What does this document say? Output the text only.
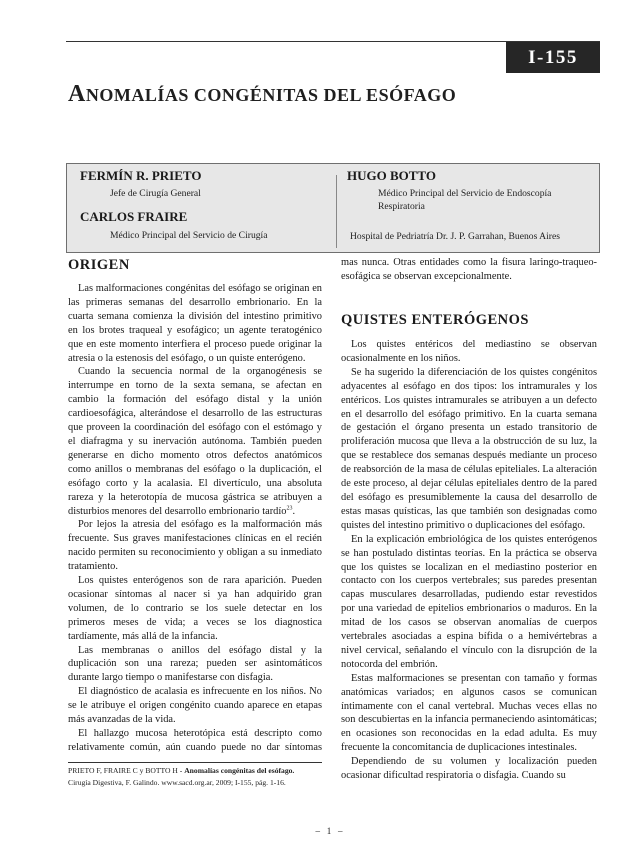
I-155
ANOMALÍAS CONGÉNITAS DEL ESÓFAGO
FERMÍN R. PRIETO
Jefe de Cirugía General
CARLOS FRAIRE
Médico Principal del Servicio de Cirugía
HUGO BOTTO
Médico Principal del Servicio de Endoscopía
Respiratoria
Hospital de Pedriatría Dr. J. P. Garrahan, Buenos Aires
ORIGEN

Las malformaciones congénitas del esófago se originan en las primeras semanas del desarrollo embrionario. En la cuarta semana comienza la división del intestino primitivo en los brotes traqueal y esofágico; un agente teratogénico que en este momento interfiera el proceso puede originar la atresia o la estenosis del esófago, o un quiste enterógeno.

Cuando la secuencia normal de la organogénesis se interrumpe en torno de la sexta semana, se afectan en cambio la formación del esófago distal y la unión cardioesofágica, alterándose el desarrollo de las estructuras que proveen la coordinación del esófago con el estómago y el diafragma y su inervación autónoma. También pueden generarse en dicho momento otros defectos anatómicos como anillos o membranas del esófago o la duplicación, el esófago corto y la acalasia. El divertículo, una absoluta rareza y la heterotopía de mucosa gástrica se atribuyen a disturbios menores del desarrollo embrionario tardío$^{23}$.

Por lejos la atresia del esófago es la malformación más frecuente. Sus graves manifestaciones clínicas en el recién nacido permiten su reconocimiento y obligan a su inmediato tratamiento.

Los quistes enterógenos son de rara aparición. Pueden ocasionar síntomas al nacer si ya han adquirido gran volumen, de lo contrario se los suele detectar en los primeros meses de vida; a veces se los diagnostica tardíamente, más allá de la infancia.

Las membranas o anillos del esófago distal y la duplicación son una rareza; pueden ser asintomáticos durante largo tiempo o manifestarse con disfagia.

El diagnóstico de acalasia es infrecuente en los niños. No se le atribuye el origen congénito cuando aparece en etapas más avanzadas de la vida.

El hallazgo mucosa heterotópica está descripto como relativamente común, aún cuando puede no dar síntomas

mas nunca. Otras entidades como la fisura laringo-traqueo-esofágica se observan excepcionalmente.

QUISTES ENTERÓGENOS

Los quistes entéricos del mediastino se observan ocasionalmente en los niños.

Se ha sugerido la diferenciación de los quistes congénitos adyacentes al esófago en dos tipos: los intramurales y los entéricos. Los quistes intramurales se atribuyen a un defecto en el desarrollo del esófago primitivo. En la cuarta semana de gestación el órgano presenta un estado transitorio de proliferación mucosa que lleva a la obstrucción de su luz, la que se restablece dos semanas después mediante un proceso de reabsorción de la masa de células epiteliales. La alteración de este proceso, al dejar células epiteliales dentro de la pared del esófago es presumiblemente la causa del desarrollo de estas masas quísticas, las que también son designadas como quistes del intestino primitivo o duplicaciones del esófago.

En la explicación embriológica de los quistes enterógenos se han postulado distintas teorías. En la práctica se observa que los quistes se localizan en el mediastino posterior en contacto con los cuerpos vertebrales; sus paredes presentan capas musculares desarrolladas, pudiendo estar revestidos por una variedad de epitelios embrionarios o maduros. En la mitad de los casos se observan anomalías de cuerpos vertebrales asociadas a espina bífida o a hemivértebras a nivel cervical, señalando el vínculo con la disrupción de la notocorda del embrión.

Estas malformaciones se presentan con tamaño y formas anatómicas variados; en algunos casos se comunican íntimamente con el canal vertebral. Muchas veces ellas no son descubiertas en la infancia permaneciendo asintomáticas; en ocasiones son reconocidas en la edad adulta. Es muy frecuente la concomitancia de duplicaciones intestinales.

Dependiendo de su volumen y localización pueden ocasionar dificultad respiratoria o disfagia. Cuando su

PRIETO F, FRAIRE C y BOTTO H - Anomalías congénitas del esófago.
Cirugía Digestiva, F. Galindo. www.sacd.org.ar, 2009; I-155, pág. 1-16.
–   1   –
